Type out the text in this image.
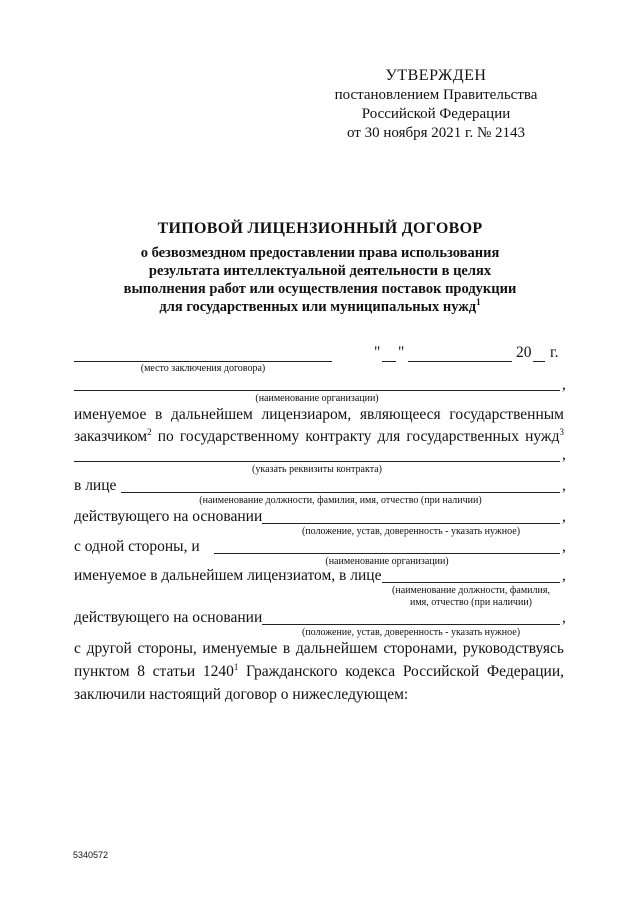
УТВЕРЖДЕН
постановлением Правительства
Российской Федерации
от 30 ноября 2021 г. № 2143
ТИПОВОЙ ЛИЦЕНЗИОННЫЙ ДОГОВОР
о безвозмездном предоставлении права использования
результата интеллектуальной деятельности в целях
выполнения работ или осуществления поставок продукции
для государственных или муниципальных нужд$^1$
(место заключения договора)
" "	20 г.
,
(наименование организации)
именуемое в дальнейшем лицензиаром, являющееся государственным
заказчиком$^2$ по государственному контракту для государственных нужд$^3$
,
(указать реквизиты контракта)
в лице	,
(наименование должности, фамилия, имя, отчество (при наличии)
действующего на основании	,
(положение, устав, доверенность - указать нужное)
с одной стороны, и	,
(наименование организации)
именуемое в дальнейшем лицензиатом, в лице	,
(наименование должности, фамилия,
имя, отчество (при наличии)
действующего на основании	,
(положение, устав, доверенность - указать нужное)
с другой стороны, именуемые в дальнейшем сторонами, руководствуясь
пунктом 8 статьи 1240$^1$ Гражданского кодекса Российской Федерации,
заключили настоящий договор о нижеследующем:
5340572
